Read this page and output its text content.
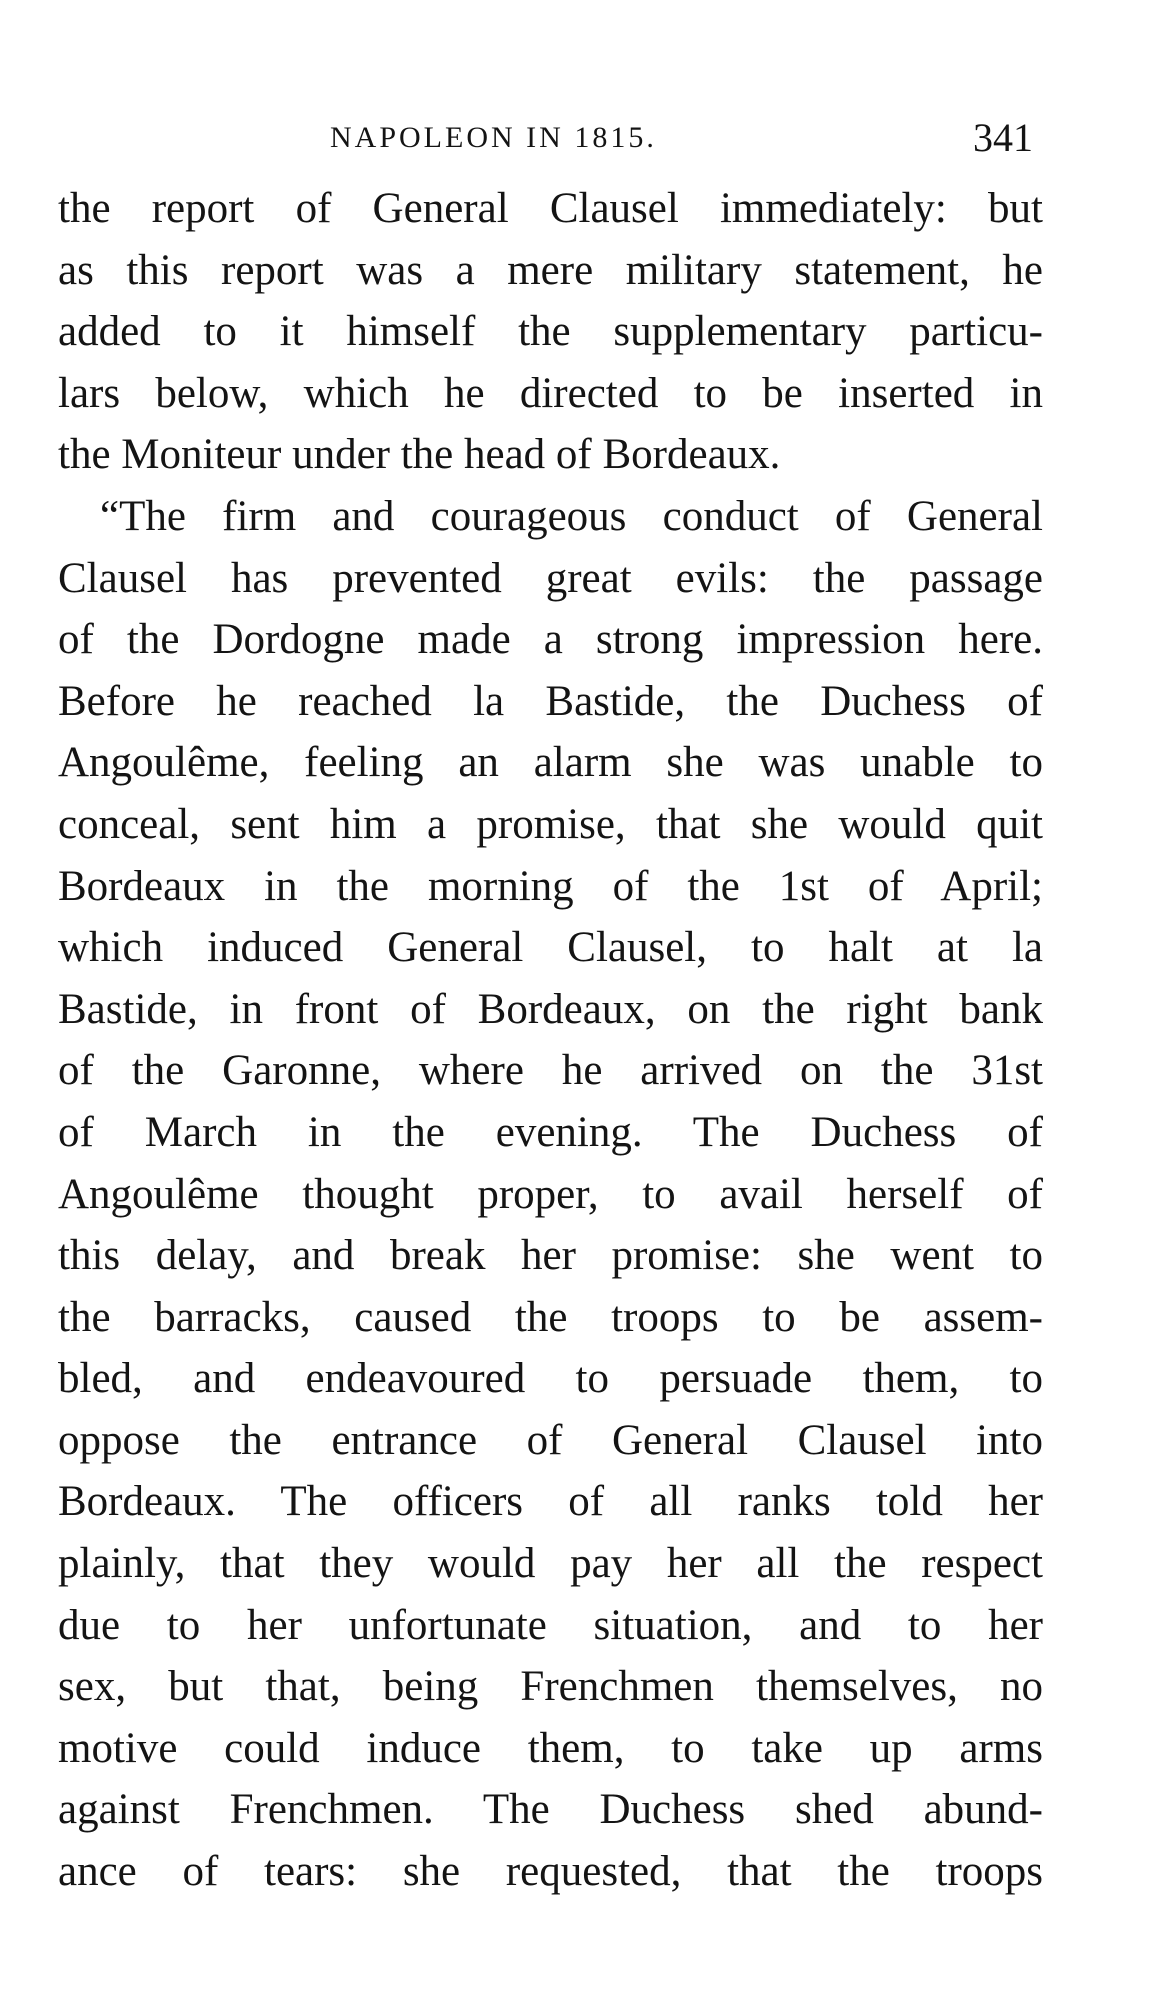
NAPOLEON IN 1815.	341
the report of General Clausel immediately: but
as this report was a mere military statement, he
added to it himself the supplementary particu-
lars below, which he directed to be inserted in
the Moniteur under the head of Bordeaux.
“The firm and courageous conduct of General
Clausel has prevented great evils: the passage
of the Dordogne made a strong impression here.
Before he reached la Bastide, the Duchess of
Angoulême, feeling an alarm she was unable to
conceal, sent him a promise, that she would quit
Bordeaux in the morning of the 1st of April;
which induced General Clausel, to halt at la
Bastide, in front of Bordeaux, on the right bank
of the Garonne, where he arrived on the 31st
of March in the evening. The Duchess of
Angoulême thought proper, to avail herself of
this delay, and break her promise: she went to
the barracks, caused the troops to be assem-
bled, and endeavoured to persuade them, to
oppose the entrance of General Clausel into
Bordeaux. The officers of all ranks told her
plainly, that they would pay her all the respect
due to her unfortunate situation, and to her
sex, but that, being Frenchmen themselves, no
motive could induce them, to take up arms
against Frenchmen. The Duchess shed abund-
ance of tears: she requested, that the troops
